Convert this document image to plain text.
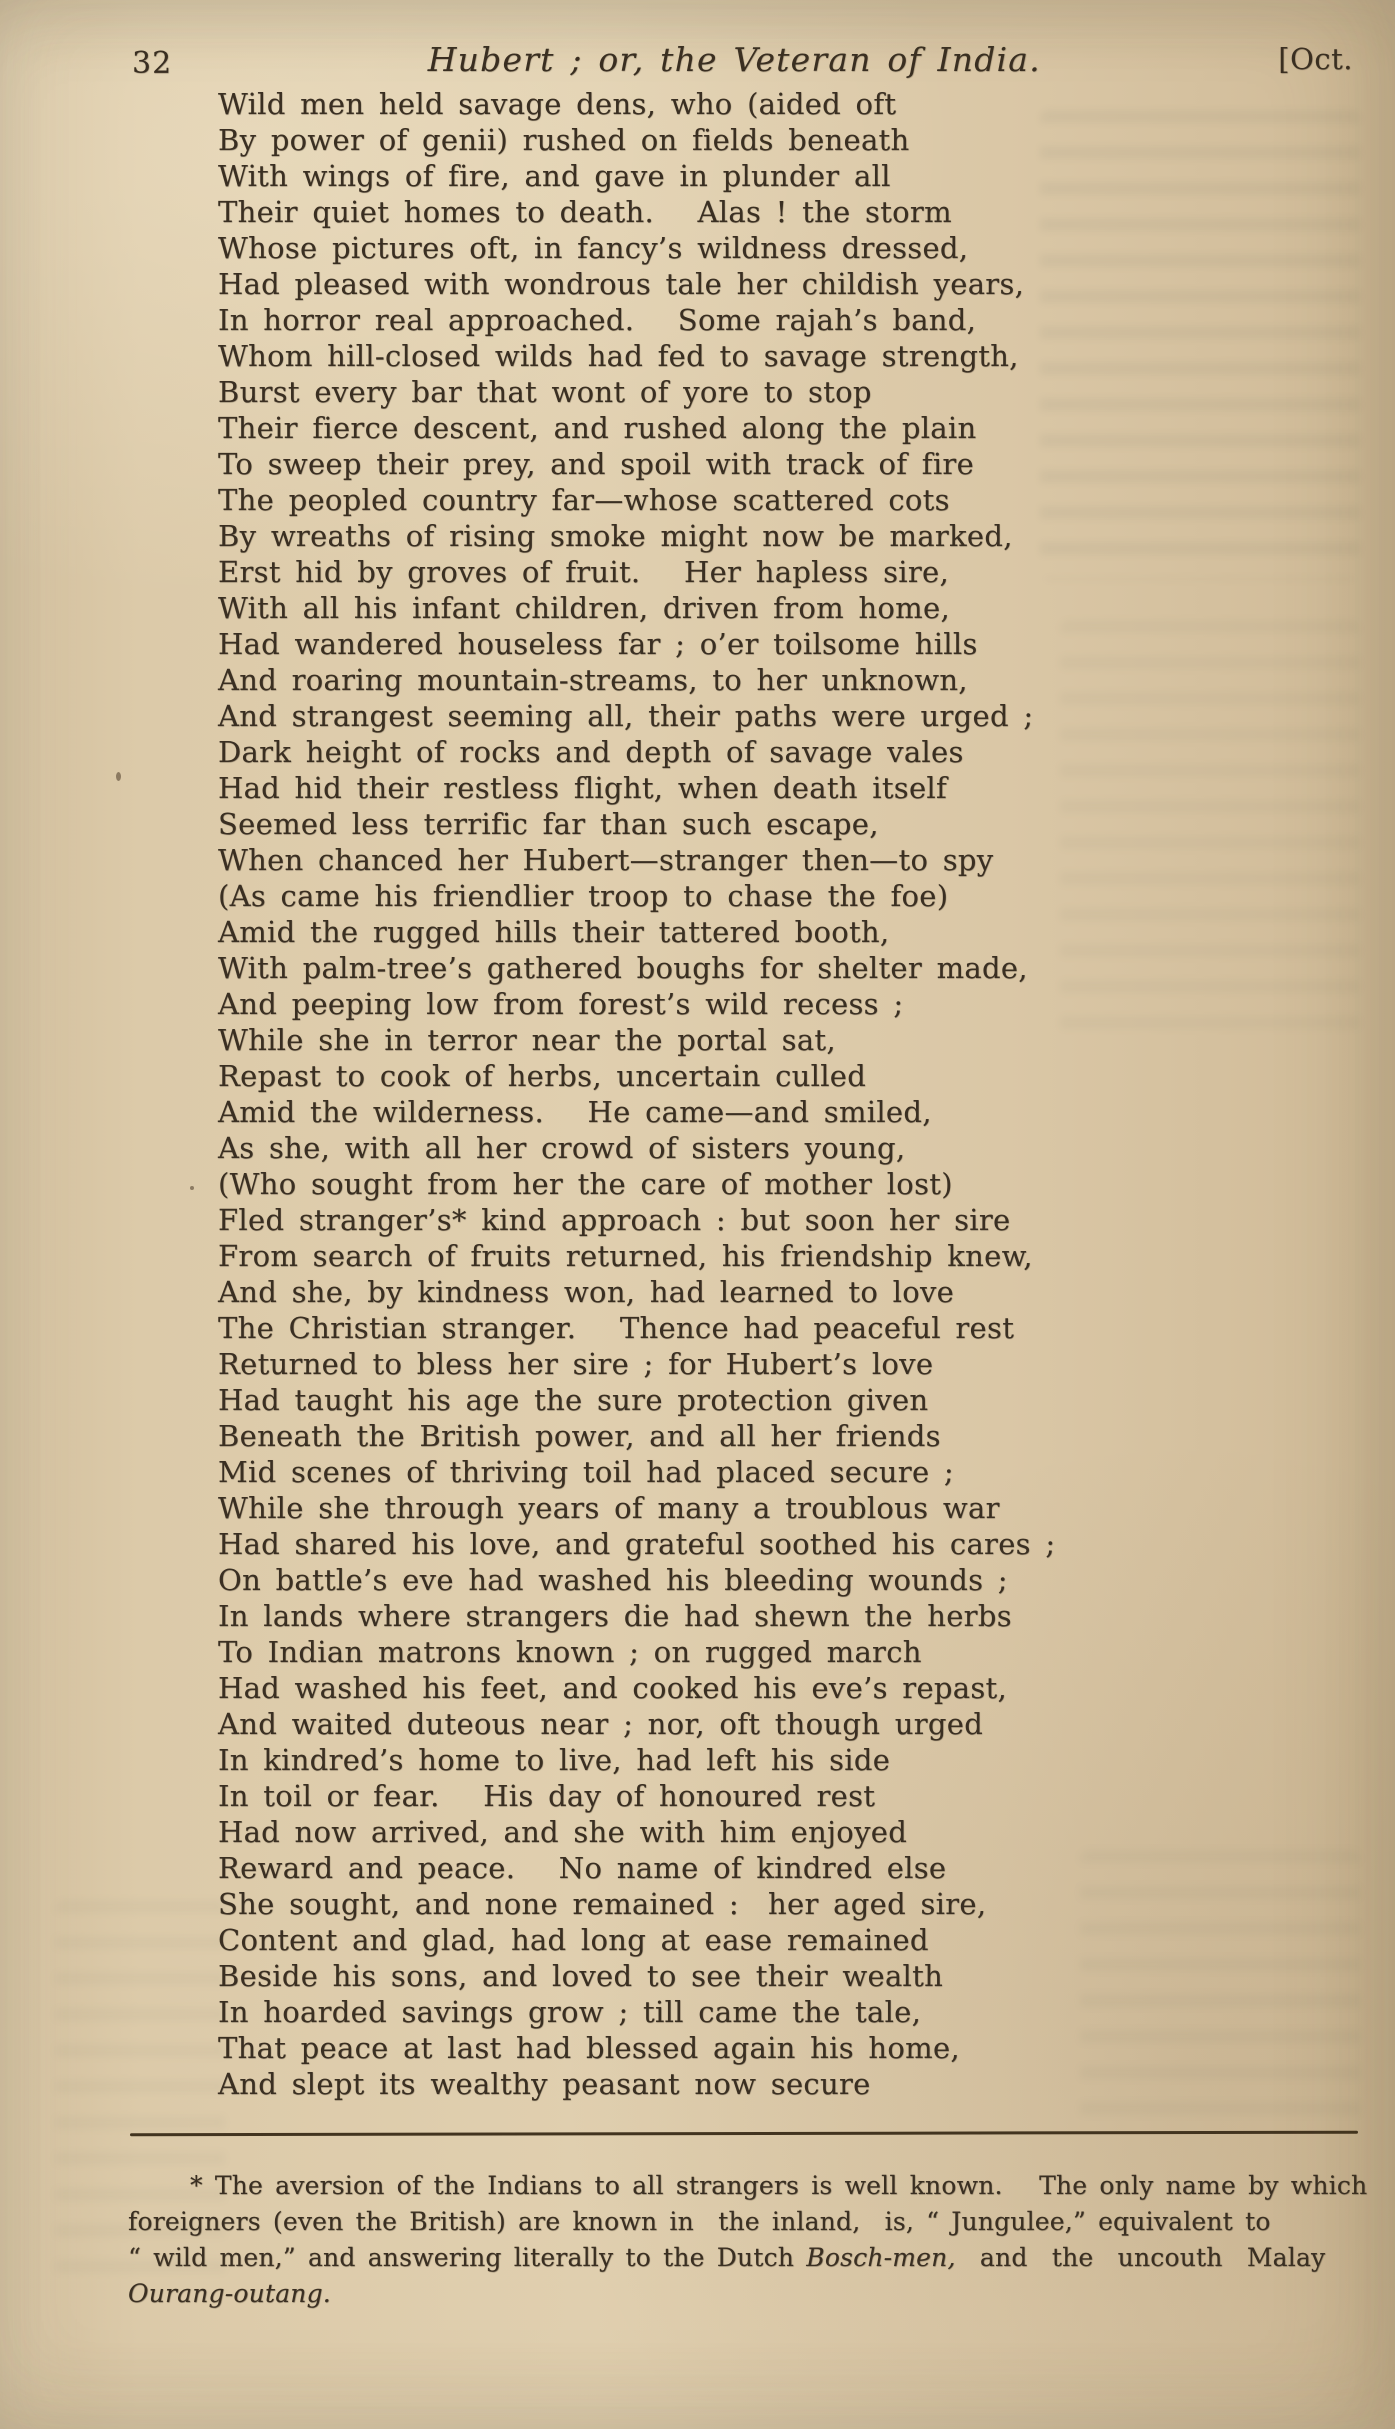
32	Hubert ; or, the Veteran of India.	[Oct.
Wild men held savage dens, who (aided oft
By power of genii) rushed on fields beneath
With wings of fire, and gave in plunder all
Their quiet homes to death.   Alas ! the storm
Whose pictures oft, in fancy’s wildness dressed,
Had pleased with wondrous tale her childish years,
In horror real approached.   Some rajah’s band,
Whom hill-closed wilds had fed to savage strength,
Burst every bar that wont of yore to stop
Their fierce descent, and rushed along the plain
To sweep their prey, and spoil with track of fire
The peopled country far—whose scattered cots
By wreaths of rising smoke might now be marked,
Erst hid by groves of fruit.   Her hapless sire,
With all his infant children, driven from home,
Had wandered houseless far ; o’er toilsome hills
And roaring mountain-streams, to her unknown,
And strangest seeming all, their paths were urged ;
Dark height of rocks and depth of savage vales
Had hid their restless flight, when death itself
Seemed less terrific far than such escape,
When chanced her Hubert—stranger then—to spy
(As came his friendlier troop to chase the foe)
Amid the rugged hills their tattered booth,
With palm-tree’s gathered boughs for shelter made,
And peeping low from forest’s wild recess ;
While she in terror near the portal sat,
Repast to cook of herbs, uncertain culled
Amid the wilderness.   He came—and smiled,
As she, with all her crowd of sisters young,
(Who sought from her the care of mother lost)
Fled stranger’s* kind approach : but soon her sire
From search of fruits returned, his friendship knew,
And she, by kindness won, had learned to love
The Christian stranger.   Thence had peaceful rest
Returned to bless her sire ; for Hubert’s love
Had taught his age the sure protection given
Beneath the British power, and all her friends
Mid scenes of thriving toil had placed secure ;
While she through years of many a troublous war
Had shared his love, and grateful soothed his cares ;
On battle’s eve had washed his bleeding wounds ;
In lands where strangers die had shewn the herbs
To Indian matrons known ; on rugged march
Had washed his feet, and cooked his eve’s repast,
And waited duteous near ; nor, oft though urged
In kindred’s home to live, had left his side
In toil or fear.   His day of honoured rest
Had now arrived, and she with him enjoyed
Reward and peace.   No name of kindred else
She sought, and none remained :  her aged sire,
Content and glad, had long at ease remained
Beside his sons, and loved to see their wealth
In hoarded savings grow ; till came the tale,
That peace at last had blessed again his home,
And slept its wealthy peasant now secure
* The aversion of the Indians to all strangers is well known.   The only name by which
foreigners (even the British) are known in  the inland,  is, “ Jungulee,” equivalent to
“ wild men,” and answering literally to the Dutch Bosch-men,  and  the  uncouth  Malay
Ourang-outang.
